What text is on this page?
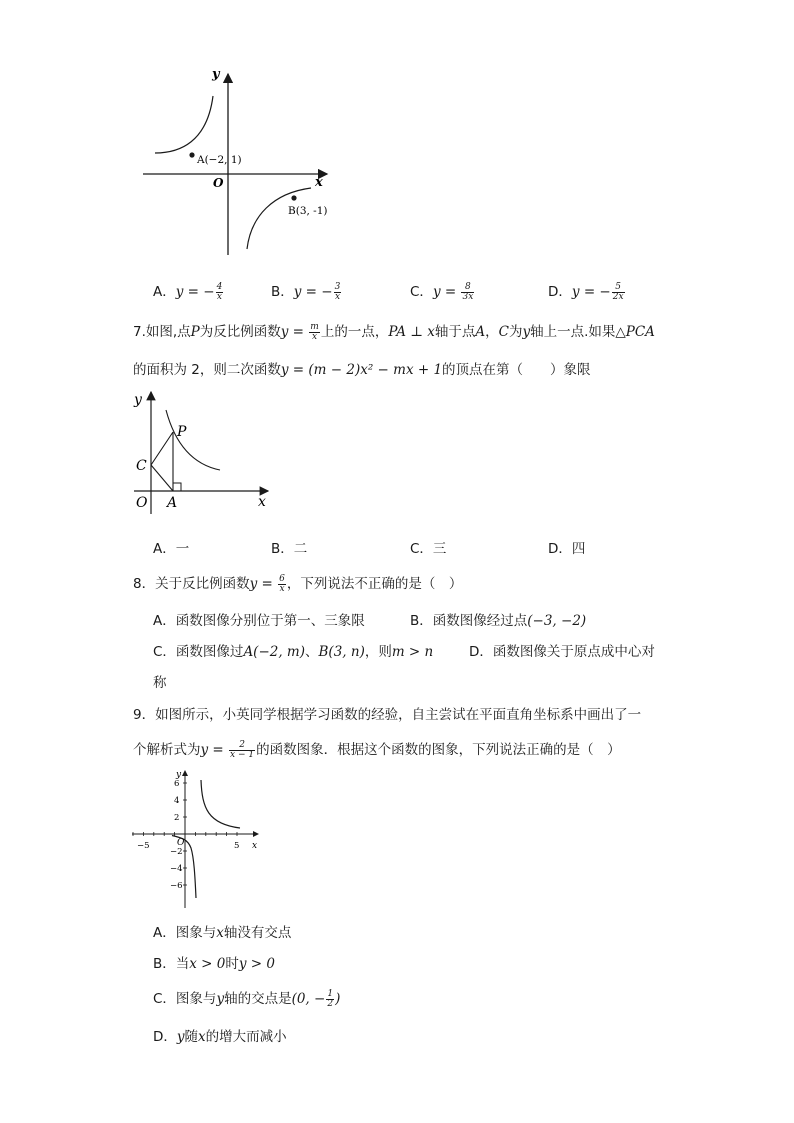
y
x
O
A(−2, 1)
B(3, -1)
A．y = − $\frac{4}{x}$	B．y = − $\frac{3}{x}$	C．$y = \frac{8}{3x}$	D．y = − $\frac{5}{2x}$
7.如图,点P为反比例函数$y = \frac{m}{x}$ 上的一点，PA ⊥ x轴于点A，C为y轴上一点.如果△PCA
的面积为 2，则二次函数y = (m − 2)x² − mx + 1的顶点在第（　　）象限
y
x
O
P
C
A
A．一	B．二	C．三	D．四
8．关于反比例函数$y = \frac{6}{x}$ ，下列说法不正确的是（　）
A．函数图像分别位于第一、三象限	B．函数图像经过点(−3, −2)
C．函数图像过A(−2, m)、B(3, n)，则m > n	D．函数图像关于原点成中心对
称
9．如图所示，小英同学根据学习函数的经验，自主尝试在平面直角坐标系中画出了一
个解析式为$y = \frac{2}{x - 1}$ 的函数图象．根据这个函数的图象，下列说法正确的是（　）
y
x
O
6
4
2
−2
−4
−6
−5	5
A．图象与x轴没有交点
B．当x > 0时y > 0
C．图象与y轴的交点是(0, − $\frac{1}{2}$ )
D．y随x的增大而减小
